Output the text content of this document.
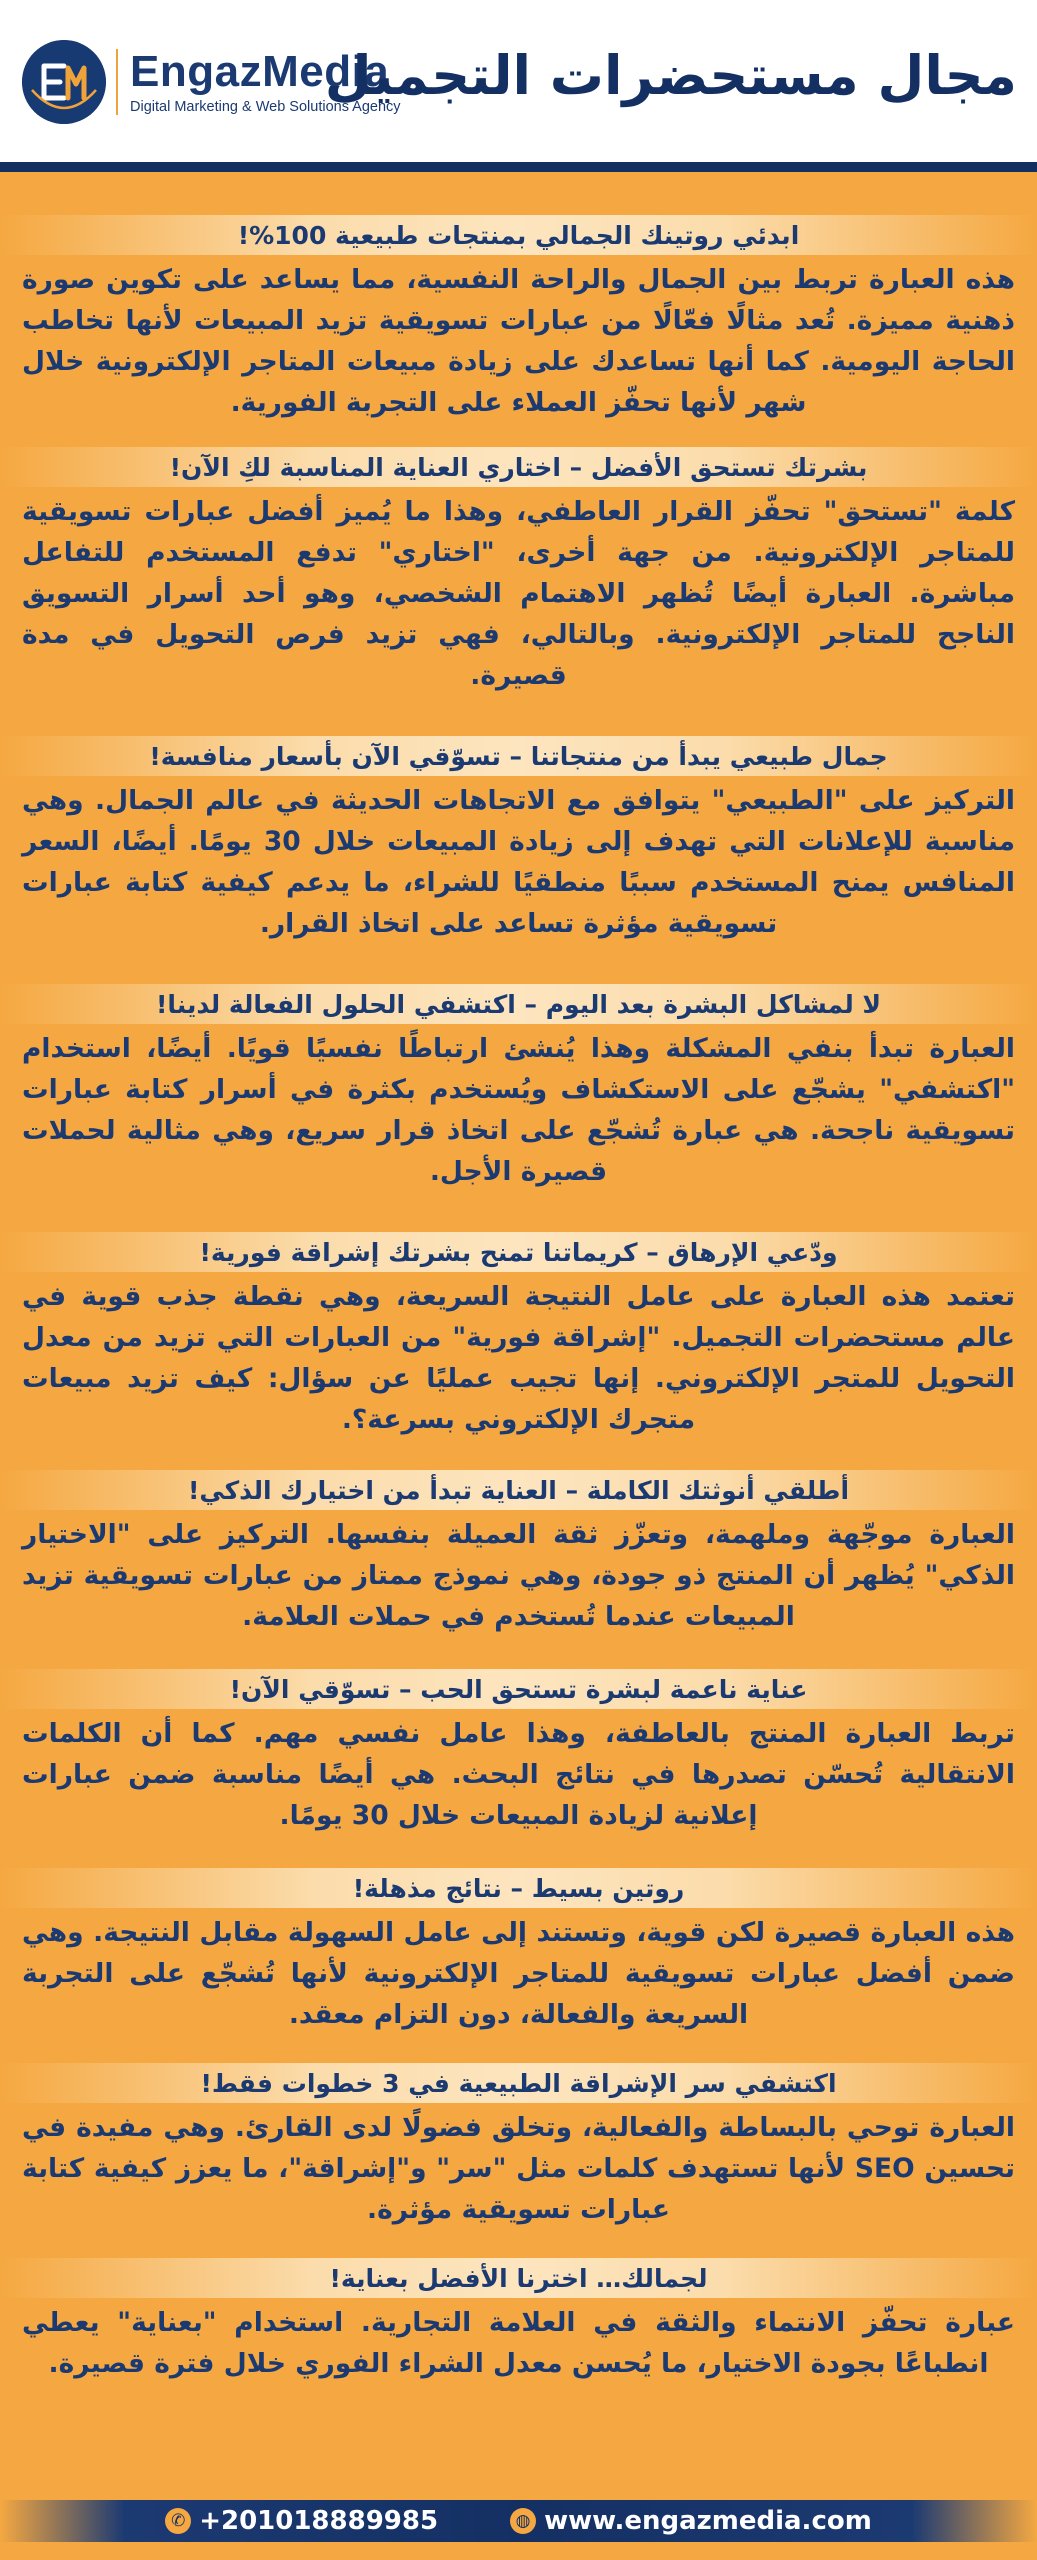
EngazMedia
Digital Marketing & Web Solutions Agency
مجال مستحضرات التجميل
ابدئي روتينك الجمالي بمنتجات طبيعية 100%!
هذه العبارة تربط بين الجمال والراحة النفسية، مما يساعد على تكوين صورة ذهنية مميزة. تُعد مثالًا فعّالًا من عبارات تسويقية تزيد المبيعات لأنها تخاطب الحاجة اليومية. كما أنها تساعدك على زيادة مبيعات المتاجر الإلكترونية خلال شهر لأنها تحفّز العملاء على التجربة الفورية.
بشرتك تستحق الأفضل – اختاري العناية المناسبة لكِ الآن!
كلمة "تستحق" تحفّز القرار العاطفي، وهذا ما يُميز أفضل عبارات تسويقية للمتاجر الإلكترونية. من جهة أخرى، "اختاري" تدفع المستخدم للتفاعل مباشرة. العبارة أيضًا تُظهر الاهتمام الشخصي، وهو أحد أسرار التسويق الناجح للمتاجر الإلكترونية. وبالتالي، فهي تزيد فرص التحويل في مدة قصيرة.
جمال طبيعي يبدأ من منتجاتنا – تسوّقي الآن بأسعار منافسة!
التركيز على "الطبيعي" يتوافق مع الاتجاهات الحديثة في عالم الجمال. وهي مناسبة للإعلانات التي تهدف إلى زيادة المبيعات خلال 30 يومًا. أيضًا، السعر المنافس يمنح المستخدم سببًا منطقيًا للشراء، ما يدعم كيفية كتابة عبارات تسويقية مؤثرة تساعد على اتخاذ القرار.
لا لمشاكل البشرة بعد اليوم – اكتشفي الحلول الفعالة لدينا!
العبارة تبدأ بنفي المشكلة وهذا يُنشئ ارتباطًا نفسيًا قويًا. أيضًا، استخدام "اكتشفي" يشجّع على الاستكشاف ويُستخدم بكثرة في أسرار كتابة عبارات تسويقية ناجحة. هي عبارة تُشجّع على اتخاذ قرار سريع، وهي مثالية لحملات قصيرة الأجل.
ودّعي الإرهاق – كريماتنا تمنح بشرتك إشراقة فورية!
تعتمد هذه العبارة على عامل النتيجة السريعة، وهي نقطة جذب قوية في عالم مستحضرات التجميل. "إشراقة فورية" من العبارات التي تزيد من معدل التحويل للمتجر الإلكتروني. إنها تجيب عمليًا عن سؤال: كيف تزيد مبيعات متجرك الإلكتروني بسرعة؟.
أطلقي أنوثتك الكاملة – العناية تبدأ من اختيارك الذكي!
العبارة موجّهة وملهمة، وتعزّز ثقة العميلة بنفسها. التركيز على "الاختيار الذكي" يُظهر أن المنتج ذو جودة، وهي نموذج ممتاز من عبارات تسويقية تزيد المبيعات عندما تُستخدم في حملات العلامة.
عناية ناعمة لبشرة تستحق الحب – تسوّقي الآن!
تربط العبارة المنتج بالعاطفة، وهذا عامل نفسي مهم. كما أن الكلمات الانتقالية تُحسّن تصدرها في نتائج البحث. هي أيضًا مناسبة ضمن عبارات إعلانية لزيادة المبيعات خلال 30 يومًا.
روتين بسيط – نتائج مذهلة!
هذه العبارة قصيرة لكن قوية، وتستند إلى عامل السهولة مقابل النتيجة. وهي ضمن أفضل عبارات تسويقية للمتاجر الإلكترونية لأنها تُشجّع على التجربة السريعة والفعالة، دون التزام معقد.
اكتشفي سر الإشراقة الطبيعية في 3 خطوات فقط!
العبارة توحي بالبساطة والفعالية، وتخلق فضولًا لدى القارئ. وهي مفيدة في تحسين SEO لأنها تستهدف كلمات مثل "سر" و"إشراقة"، ما يعزز كيفية كتابة عبارات تسويقية مؤثرة.
لجمالك… اخترنا الأفضل بعناية!
عبارة تحفّز الانتماء والثقة في العلامة التجارية. استخدام "بعناية" يعطي انطباعًا بجودة الاختيار، ما يُحسن معدل الشراء الفوري خلال فترة قصيرة.
✆ +201018889985	◍ www.engazmedia.com
